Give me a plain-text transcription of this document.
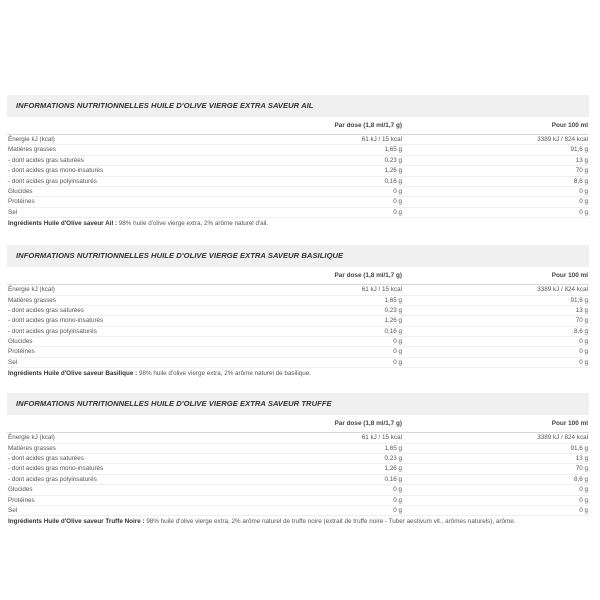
INFORMATIONS NUTRITIONNELLES HUILE D'OLIVE VIERGE EXTRA SAVEUR AIL
Par dose (1,8 ml/1,7 g)	Pour 100 ml
Énergie kJ (kcal)	61 kJ / 15 kcal	3389 kJ / 824 kcal
Matières grasses	1,65 g	91,6 g
- dont acides gras saturées	0,23 g	13 g
- dont acides gras mono-insaturés	1,26 g	70 g
- dont acides gras polyinsaturés	0,16 g	8,6 g
Glucides	0 g	0 g
Protéines	0 g	0 g
Sel	0 g	0 g
Ingrédients Huile d'Olive saveur Ail : 98% huile d'olive vierge extra, 2% arôme naturel d'ail.
INFORMATIONS NUTRITIONNELLES HUILE D'OLIVE VIERGE EXTRA SAVEUR BASILIQUE
Par dose (1,8 ml/1,7 g)	Pour 100 ml
Énergie kJ (kcal)	61 kJ / 15 kcal	3389 kJ / 824 kcal
Matières grasses	1,65 g	91,6 g
- dont acides gras saturées	0,23 g	13 g
- dont acides gras mono-insaturés	1,26 g	70 g
- dont acides gras polyinsaturés	0,16 g	8,6 g
Glucides	0 g	0 g
Protéines	0 g	0 g
Sel	0 g	0 g
Ingrédients Huile d'Olive saveur Basilique : 98% huile d'olive vierge extra, 2% arôme naturel de basilique.
INFORMATIONS NUTRITIONNELLES HUILE D'OLIVE VIERGE EXTRA SAVEUR TRUFFE
Par dose (1,8 ml/1,7 g)	Pour 100 ml
Énergie kJ (kcal)	61 kJ / 15 kcal	3389 kJ / 824 kcal
Matières grasses	1,65 g	91,6 g
- dont acides gras saturées	0,23 g	13 g
- dont acides gras mono-insaturés	1,26 g	70 g
- dont acides gras polyinsaturés	0,16 g	8,6 g
Glucides	0 g	0 g
Protéines	0 g	0 g
Sel	0 g	0 g
Ingrédients Huile d'Olive saveur Truffe Noire : 98% huile d'olive vierge extra, 2% arôme naturel de truffe noire (extrait de truffe noire - Tuber aestivum vit., arômes naturels), arôme.
